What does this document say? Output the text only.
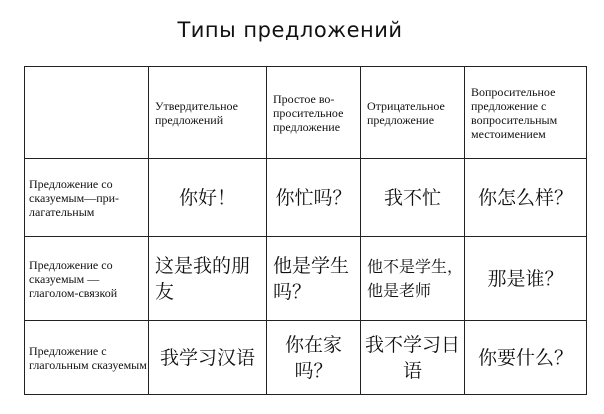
Типы предложений
	Утвердительное предложений	Простое во-просительное предложение	Отрицательное предложение	Вопросительное предложение с вопросительным местоимением
Предложение со сказуемым—при-лагательным	你好！	你忙吗？	我不忙	你怎么样？
Предложение со сказуемым — глаголом-связкой	这是我的朋友	他是学生吗？	他不是学生，他是老师	那是谁？
Предложение с глагольным сказуемым	我学习汉语	你在家吗？	我不学习日语	你要什么？
